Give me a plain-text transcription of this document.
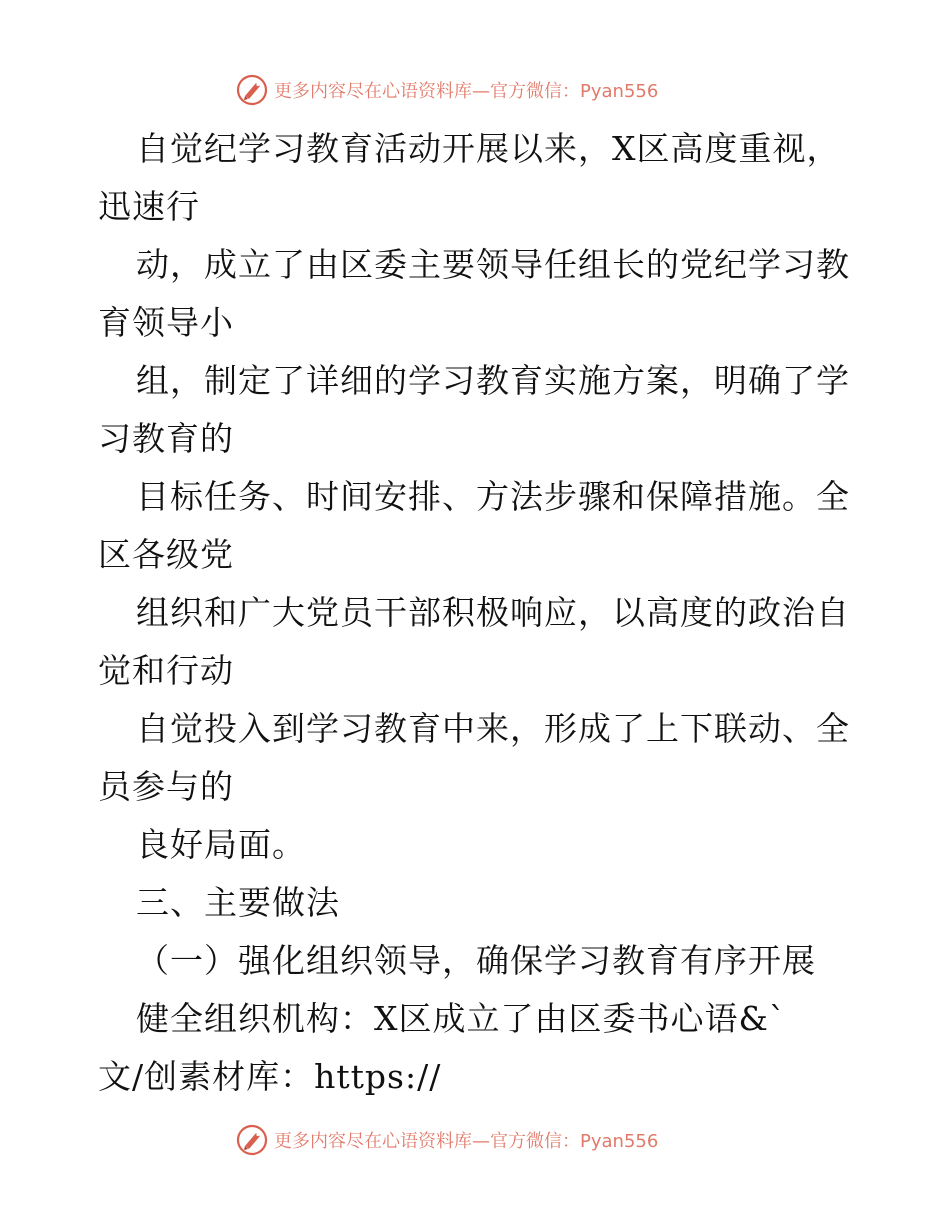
更多内容尽在心语资料库—官方微信：Pyan556
自觉纪学习教育活动开展以来，X区高度重视，
迅速行
动，成立了由区委主要领导任组长的党纪学习教
育领导小
组，制定了详细的学习教育实施方案，明确了学
习教育的
目标任务、时间安排、方法步骤和保障措施。全
区各级党
组织和广大党员干部积极响应，以高度的政治自
觉和行动
自觉投入到学习教育中来，形成了上下联动、全
员参与的
良好局面。
三、主要做法
（一）强化组织领导，确保学习教育有序开展
健全组织机构：X区成立了由区委书心语&`
文/创素材库：https://
更多内容尽在心语资料库—官方微信：Pyan556
